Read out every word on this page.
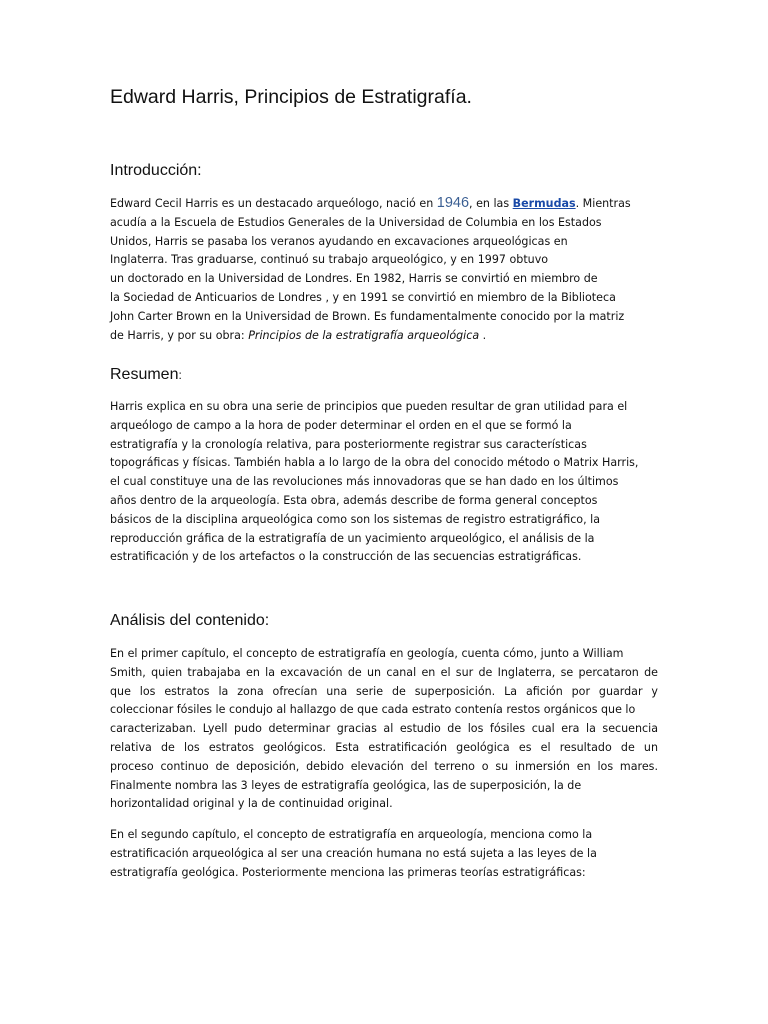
Edward Harris, Principios de Estratigrafía.
Introducción:
Edward Cecil Harris es un destacado arqueólogo, nació en 1946, en las Bermudas. Mientras
acudía a la Escuela de Estudios Generales de la Universidad de Columbia en los Estados
Unidos, Harris se pasaba los veranos ayudando en excavaciones arqueológicas en
Inglaterra. Tras graduarse, continuó su trabajo arqueológico, y en 1997 obtuvo
un doctorado en la Universidad de Londres. En 1982, Harris se convirtió en miembro de
la Sociedad de Anticuarios de Londres , y en 1991 se convirtió en miembro de la Biblioteca
John Carter Brown en la Universidad de Brown. Es fundamentalmente conocido por la matriz
de Harris, y por su obra: Principios de la estratigrafía arqueológica .
Resumen:
Harris explica en su obra una serie de principios que pueden resultar de gran utilidad para el
arqueólogo de campo a la hora de poder determinar el orden en el que se formó la
estratigrafía y la cronología relativa, para posteriormente registrar sus características
topográficas y físicas. También habla a lo largo de la obra del conocido método o Matrix Harris,
el cual constituye una de las revoluciones más innovadoras que se han dado en los últimos
años dentro de la arqueología. Esta obra, además describe de forma general conceptos
básicos de la disciplina arqueológica como son los sistemas de registro estratigráfico, la
reproducción gráfica de la estratigrafía de un yacimiento arqueológico, el análisis de la
estratificación y de los artefactos o la construcción de las secuencias estratigráficas.
Análisis del contenido:
En el primer capítulo, el concepto de estratigrafía en geología, cuenta cómo, junto a William
Smith, quien trabajaba en la excavación de un canal en el sur de Inglaterra, se percataron de
que los estratos la zona ofrecían una serie de superposición. La afición por guardar y
coleccionar fósiles le condujo al hallazgo de que cada estrato contenía restos orgánicos que lo
caracterizaban. Lyell pudo determinar gracias al estudio de los fósiles cual era la secuencia
relativa de los estratos geológicos. Esta estratificación geológica es el resultado de un
proceso continuo de deposición, debido elevación del terreno o su inmersión en los mares.
Finalmente nombra las 3 leyes de estratigrafía geológica, las de superposición, la de
horizontalidad original y la de continuidad original.
En el segundo capítulo, el concepto de estratigrafía en arqueología, menciona como la
estratificación arqueológica al ser una creación humana no está sujeta a las leyes de la
estratigrafía geológica. Posteriormente menciona las primeras teorías estratigráficas:
